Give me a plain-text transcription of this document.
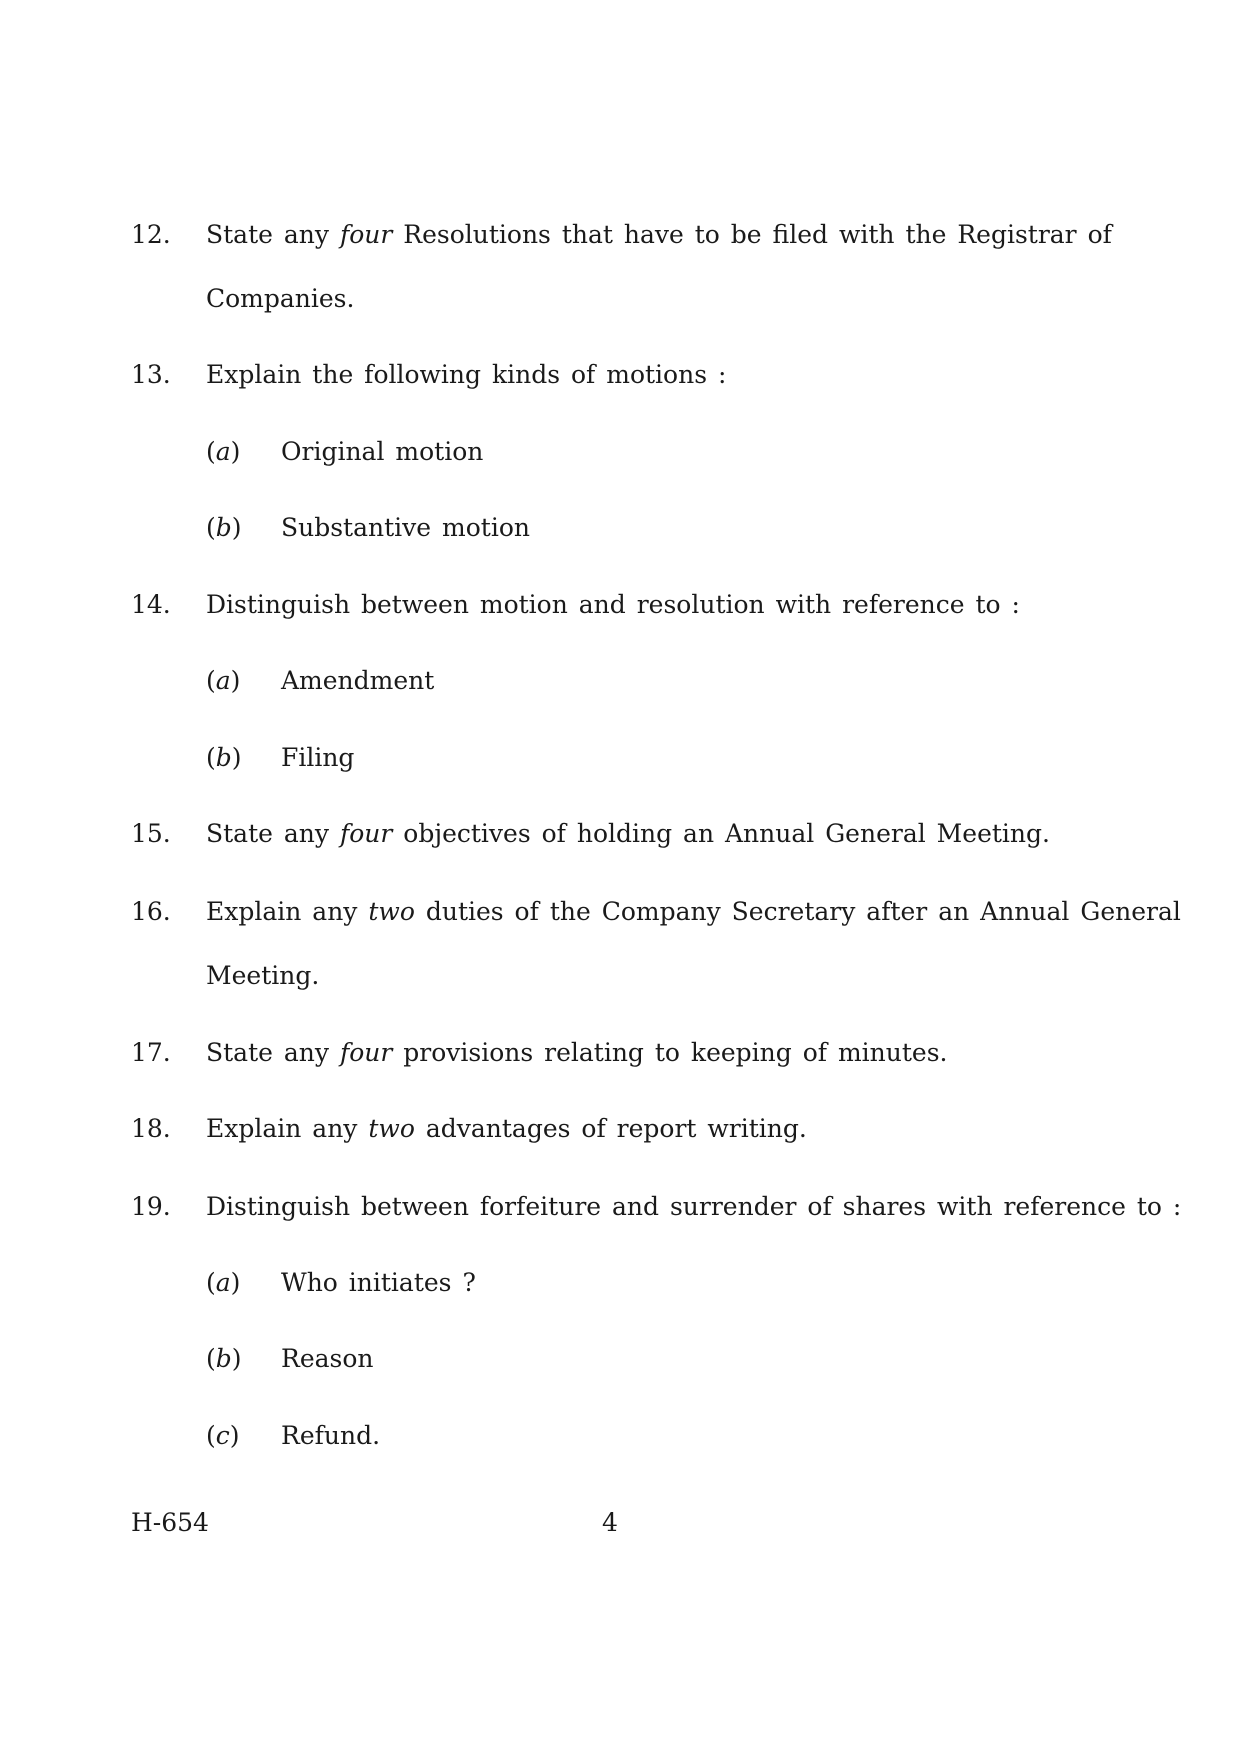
12.	State any four Resolutions that have to be filed with the Registrar of
Companies.
13.	Explain the following kinds of motions :
(a)	Original motion
(b)	Substantive motion
14.	Distinguish between motion and resolution with reference to :
(a)	Amendment
(b)	Filing
15.	State any four objectives of holding an Annual General Meeting.
16.	Explain any two duties of the Company Secretary after an Annual General
Meeting.
17.	State any four provisions relating to keeping of minutes.
18.	Explain any two advantages of report writing.
19.	Distinguish between forfeiture and surrender of shares with reference to :
(a)	Who initiates ?
(b)	Reason
(c)	Refund.
H-654	4
